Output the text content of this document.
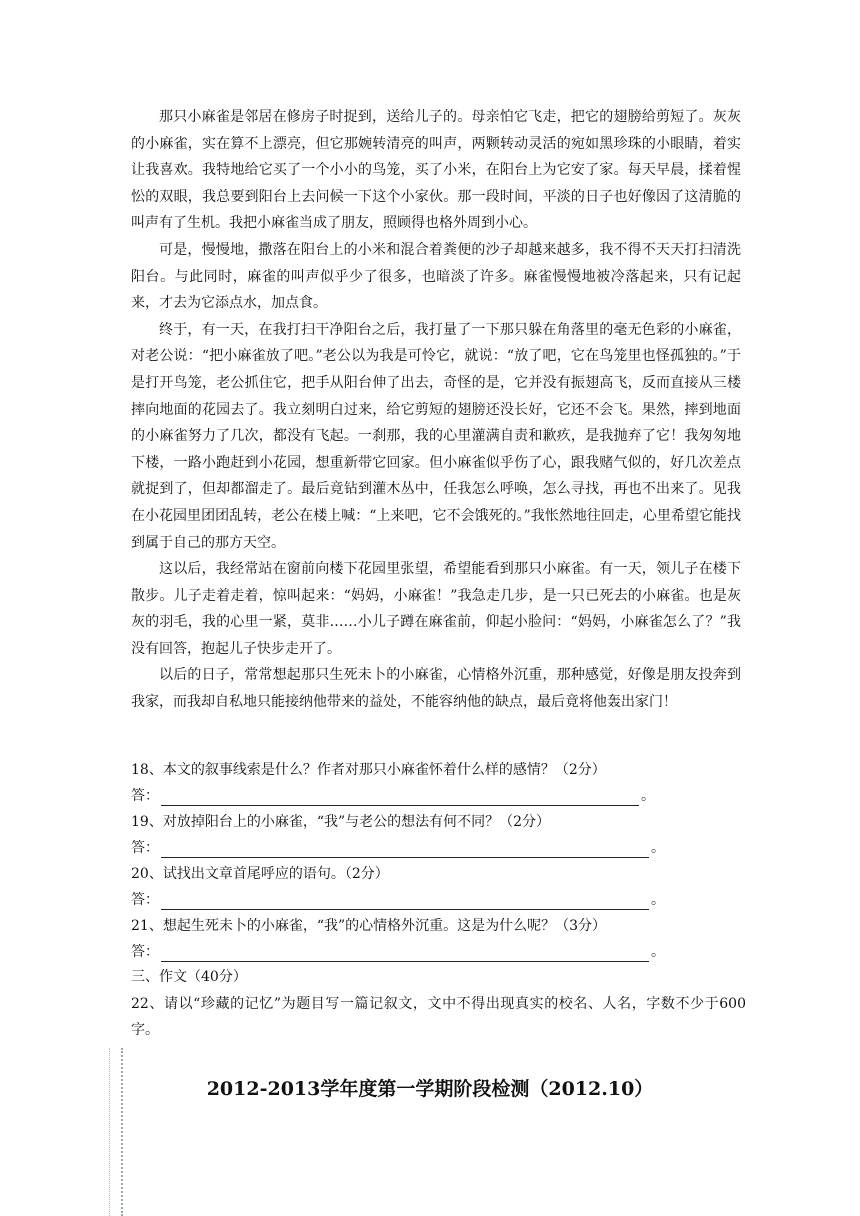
那只小麻雀是邻居在修房子时捉到，送给儿子的。母亲怕它飞走，把它的翅膀给剪短了。灰灰的小麻雀，实在算不上漂亮，但它那婉转清亮的叫声，两颗转动灵活的宛如黑珍珠的小眼睛，着实让我喜欢。我特地给它买了一个小小的鸟笼，买了小米，在阳台上为它安了家。每天早晨，揉着惺忪的双眼，我总要到阳台上去问候一下这个小家伙。那一段时间，平淡的日子也好像因了这清脆的叫声有了生机。我把小麻雀当成了朋友，照顾得也格外周到小心。

可是，慢慢地，撒落在阳台上的小米和混合着粪便的沙子却越来越多，我不得不天天打扫清洗阳台。与此同时，麻雀的叫声似乎少了很多，也暗淡了许多。麻雀慢慢地被冷落起来，只有记起来，才去为它添点水，加点食。

终于，有一天，在我打扫干净阳台之后，我打量了一下那只躲在角落里的毫无色彩的小麻雀，对老公说：“把小麻雀放了吧。”老公以为我是可怜它，就说：“放了吧，它在鸟笼里也怪孤独的。”于是打开鸟笼，老公抓住它，把手从阳台伸了出去，奇怪的是，它并没有振翅高飞，反而直接从三楼摔向地面的花园去了。我立刻明白过来，给它剪短的翅膀还没长好，它还不会飞。果然，摔到地面的小麻雀努力了几次，都没有飞起。一刹那，我的心里灌满自责和歉疚，是我抛弃了它！我匆匆地下楼，一路小跑赶到小花园，想重新带它回家。但小麻雀似乎伤了心，跟我赌气似的，好几次差点就捉到了，但却都溜走了。最后竟钻到灌木丛中，任我怎么呼唤，怎么寻找，再也不出来了。见我在小花园里团团乱转，老公在楼上喊：“上来吧，它不会饿死的。”我怅然地往回走，心里希望它能找到属于自己的那方天空。

这以后，我经常站在窗前向楼下花园里张望，希望能看到那只小麻雀。有一天，领儿子在楼下散步。儿子走着走着，惊叫起来：“妈妈，小麻雀！”我急走几步，是一只已死去的小麻雀。也是灰灰的羽毛，我的心里一紧，莫非……小儿子蹲在麻雀前，仰起小脸问：“妈妈，小麻雀怎么了？”我没有回答，抱起儿子快步走开了。

以后的日子，常常想起那只生死未卜的小麻雀，心情格外沉重，那种感觉，好像是朋友投奔到我家，而我却自私地只能接纳他带来的益处，不能容纳他的缺点，最后竟将他轰出家门！

18、本文的叙事线索是什么？作者对那只小麻雀怀着什么样的感情？（2分）
答：	。
19、对放掉阳台上的小麻雀，“我”与老公的想法有何不同？（2分）
答：	。
20、试找出文章首尾呼应的语句。（2分）
答：	。
21、想起生死未卜的小麻雀，“我”的心情格外沉重。这是为什么呢？（3分）
答：	。
三、作文（40分）
22、请以“珍藏的记忆”为题目写一篇记叙文，文中不得出现真实的校名、人名，字数不少于600字。
2012-2013学年度第一学期阶段检测（2012.10）
